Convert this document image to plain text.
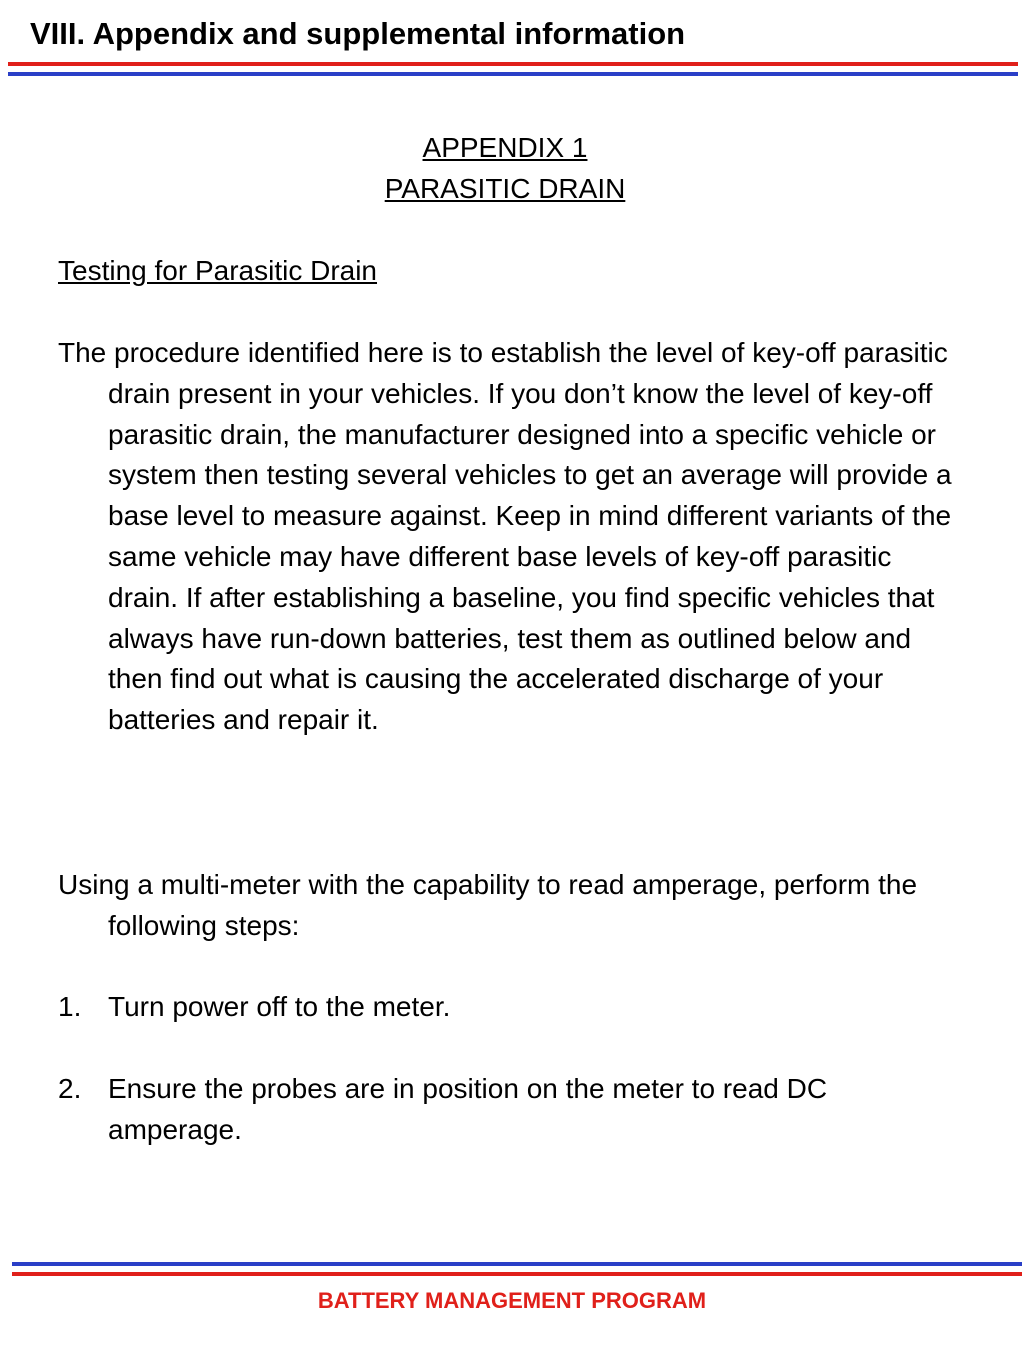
VIII. Appendix and supplemental information
APPENDIX 1
PARASITIC DRAIN
Testing for Parasitic Drain
The procedure identified here is to establish the level of key-off parasitic drain present in your vehicles. If you don’t know the level of key-off parasitic drain, the manufacturer designed into a specific vehicle or system then testing several vehicles to get an average will provide a base level to measure against. Keep in mind different variants of the same vehicle may have different base levels of key-off parasitic drain. If after establishing a baseline, you find specific vehicles that always have run-down batteries, test them as outlined below and then find out what is causing the accelerated discharge of your batteries and repair it.
Using a multi-meter with the capability to read amperage, perform the following steps:
1. Turn power off to the meter.
2. Ensure the probes are in position on the meter to read DC amperage.
BATTERY MANAGEMENT PROGRAM
